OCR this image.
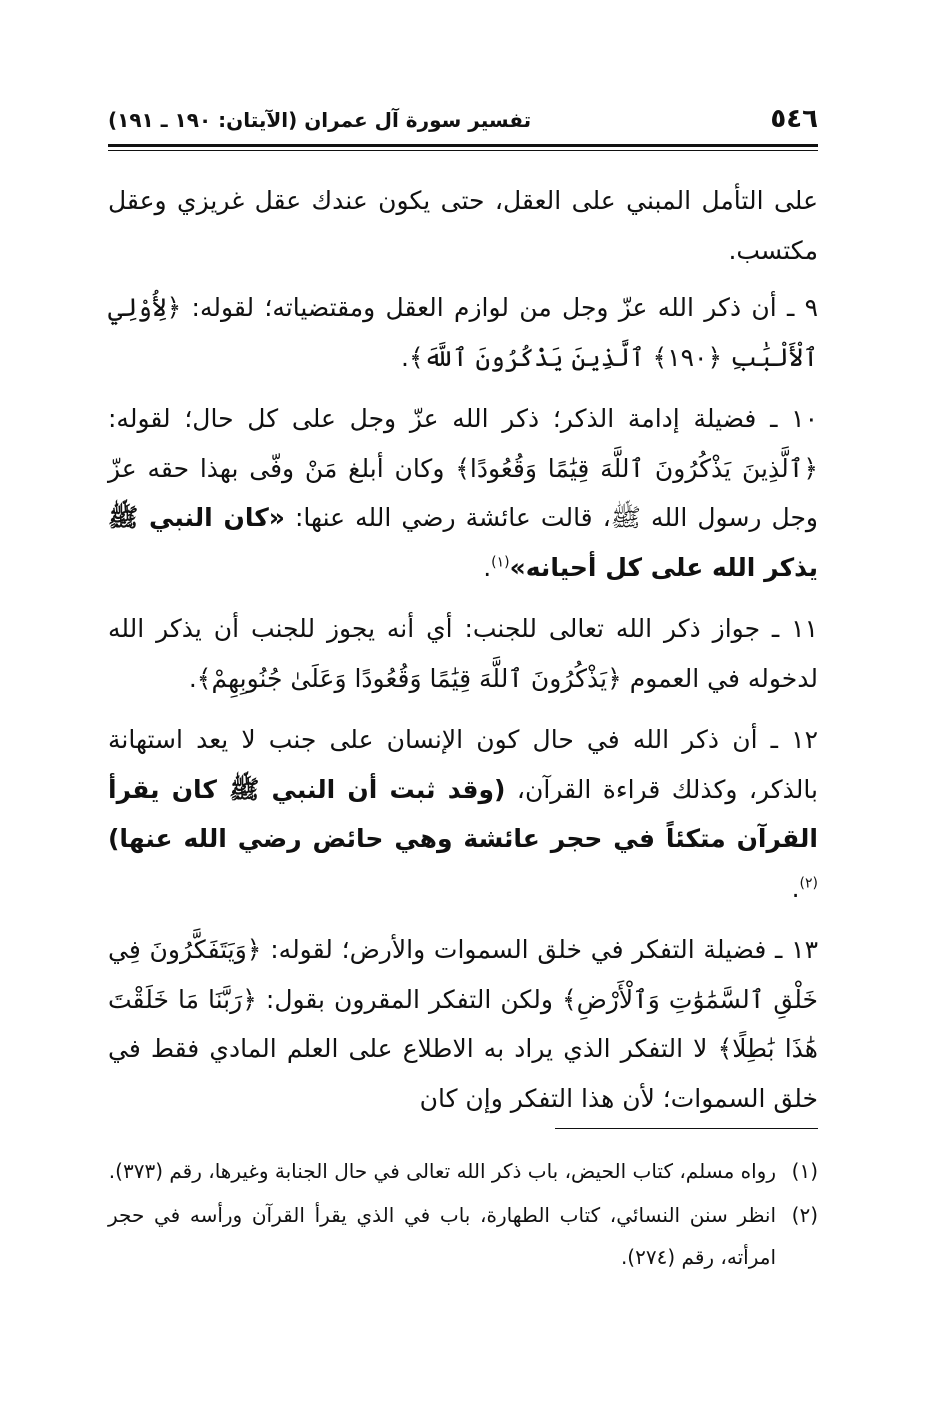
٥٤٦
تفسير سورة آل عمران (الآيتان: ١٩٠ ـ ١٩١)

على التأمل المبني على العقل، حتى يكون عندك عقل غريزي وعقل مكتسب.

٩ ـ أن ذكر الله عزّ وجل من لوازم العقل ومقتضياته؛ لقوله: ﴿لِأُوْلِي ٱلْأَلْبَٰبِ ﴿١٩٠﴾ ٱلَّذِينَ يَذْكُرُونَ ٱللَّهَ﴾.

١٠ ـ فضيلة إدامة الذكر؛ ذكر الله عزّ وجل على كل حال؛ لقوله: ﴿ٱلَّذِينَ يَذْكُرُونَ ٱللَّهَ قِيَٰمًا وَقُعُودًا﴾ وكان أبلغ مَنْ وفّى بهذا حقه عزّ وجل رسول الله ﷺ، قالت عائشة رضي الله عنها: «كان النبي ﷺ يذكر الله على كل أحيانه»$^{(١)}$.

١١ ـ جواز ذكر الله تعالى للجنب: أي أنه يجوز للجنب أن يذكر الله لدخوله في العموم ﴿يَذْكُرُونَ ٱللَّهَ قِيَٰمًا وَقُعُودًا وَعَلَىٰ جُنُوبِهِمْ﴾.

١٢ ـ أن ذكر الله في حال كون الإنسان على جنب لا يعد استهانة بالذكر، وكذلك قراءة القرآن، (وقد ثبت أن النبي ﷺ كان يقرأ القرآن متكئاً في حجر عائشة وهي حائض رضي الله عنها)$^{(٢)}$.

١٣ ـ فضيلة التفكر في خلق السموات والأرض؛ لقوله: ﴿وَيَتَفَكَّرُونَ فِي خَلْقِ ٱلسَّمَٰوَٰتِ وَٱلْأَرْضِ﴾ ولكن التفكر المقرون بقول: ﴿رَبَّنَا مَا خَلَقْتَ هَٰذَا بَٰطِلًا﴾ لا التفكر الذي يراد به الاطلاع على العلم المادي فقط في خلق السموات؛ لأن هذا التفكر وإن كان

(١)
رواه مسلم، كتاب الحيض، باب ذكر الله تعالى في حال الجنابة وغيرها، رقم (٣٧٣).
(٢)
انظر سنن النسائي، كتاب الطهارة، باب في الذي يقرأ القرآن ورأسه في حجر امرأته، رقم (٢٧٤).
